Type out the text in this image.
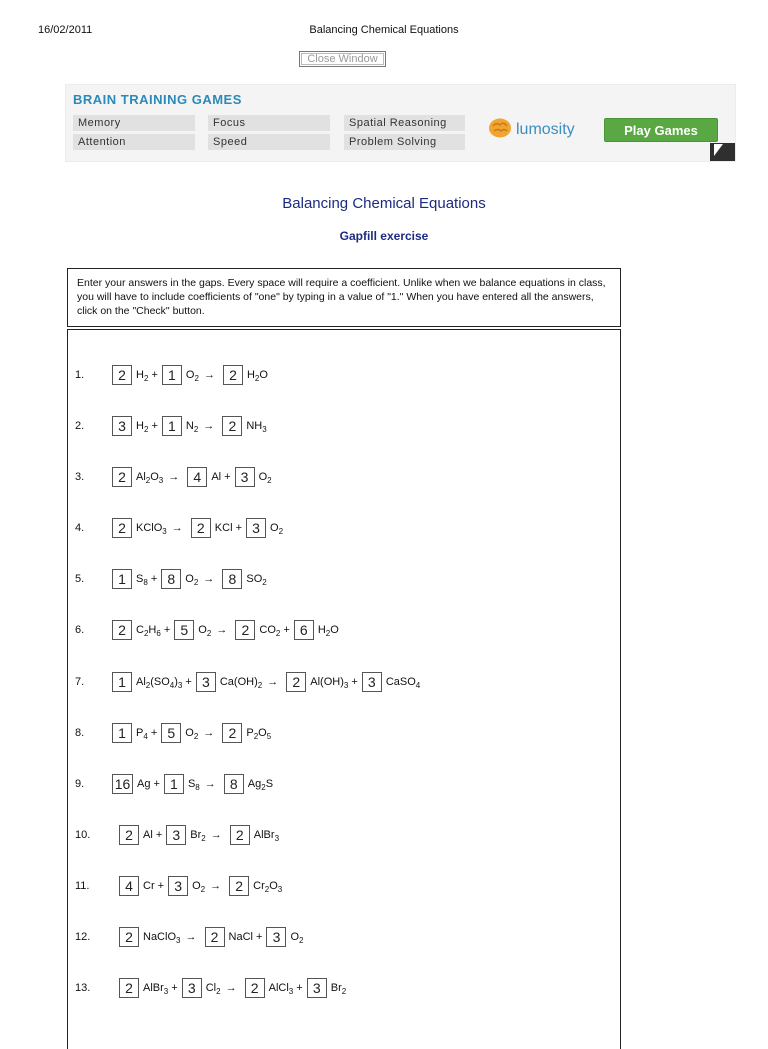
16/02/2011	Balancing Chemical Equations
Close Window
BRAIN TRAINING GAMES
Memory
Attention
Focus
Speed
Spatial Reasoning
Problem Solving
lumosity	Play Games
Balancing Chemical Equations
Gapfill exercise
Enter your answers in the gaps. Every space will require a coefficient. Unlike when we balance equations in class, you will have to include coefficients of "one" by typing in a value of "1." When you have entered all the answers, click on the "Check" button.
1.
2	$H_2$ +
1	$O_2$ →
2	$H_2O$
2.
3	$H_2$ +
1	$N_2$ →
2	$NH_3$
3.
2	$Al_2O_3$ →
4	Al +
3	$O_2$
4.
2	KClO$_3$ →
2	KCl +
3	$O_2$
5.
1	$S_8$ +
8	$O_2$ →
8	$SO_2$
6.
2	$C_2H_6$ +
5	$O_2$ →
2	$CO_2$ +
6	$H_2O$
7.
1	$Al_2(SO_4)_3$ +
3	$Ca(OH)_2$ →
2	$Al(OH)_3$ +
3	CaSO$_4$
8.
1	$P_4$ +
5	$O_2$ →
2	$P_2O_5$
9.
16	Ag +
1	$S_8$ →
8	$Ag_2S$
10.
2	Al +
3	$Br_2$ →
2	AlBr$_3$
11.
4	Cr +
3	$O_2$ →
2	$Cr_2O_3$
12.
2	NaClO$_3$ →
2	NaCl +
3	$O_2$
13.
2	AlBr$_3$ +
3	$Cl_2$ →
2	AlCl$_3$ +
3	$Br_2$
